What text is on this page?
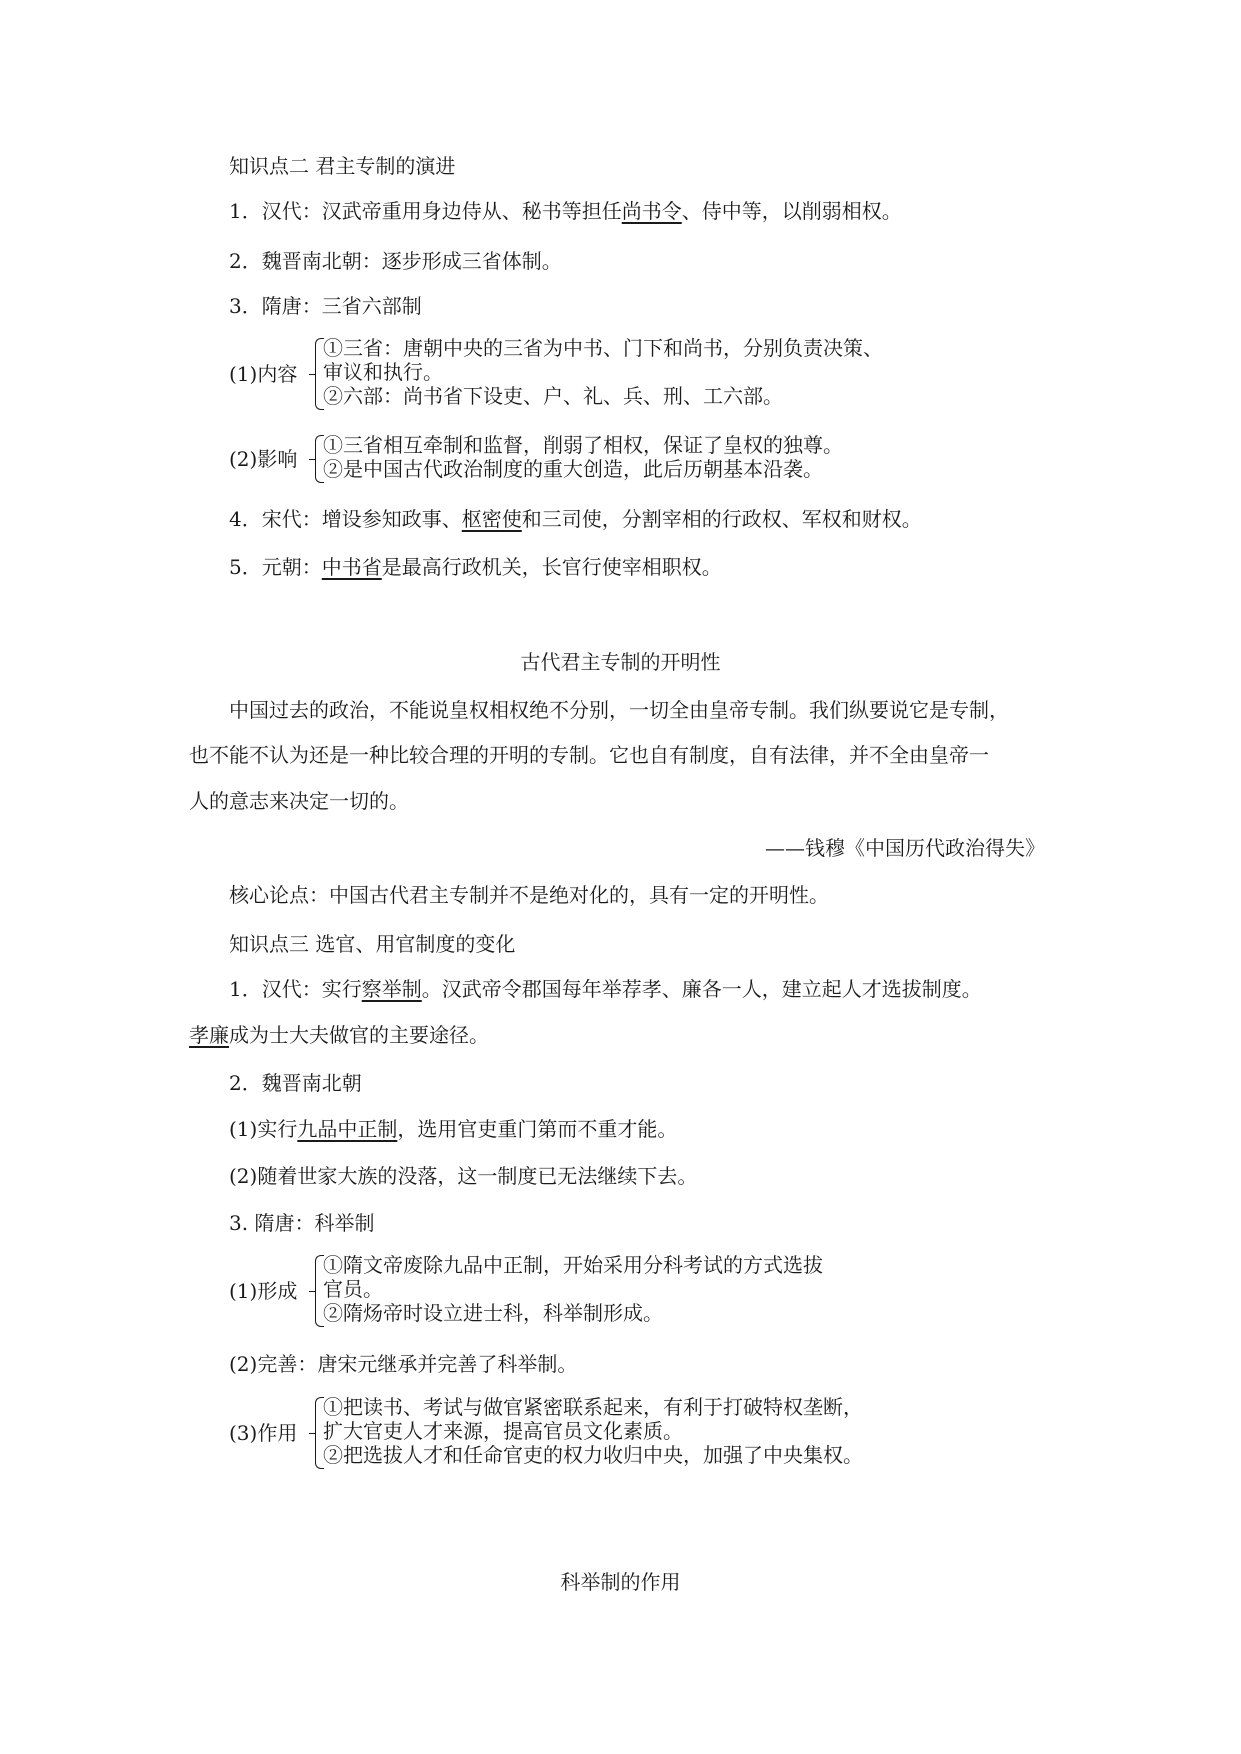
知识点二 君主专制的演进
1．汉代：汉武帝重用身边侍从、秘书等担任尚书令、侍中等，以削弱相权。
2．魏晋南北朝：逐步形成三省体制。
3．隋唐：三省六部制
(1)内容
①三省：唐朝中央的三省为中书、门下和尚书，分别负责决策、
审议和执行。
②六部：尚书省下设吏、户、礼、兵、刑、工六部。
(2)影响
①三省相互牵制和监督，削弱了相权，保证了皇权的独尊。
②是中国古代政治制度的重大创造，此后历朝基本沿袭。
4．宋代：增设参知政事、枢密使和三司使，分割宰相的行政权、军权和财权。
5．元朝：中书省是最高行政机关，长官行使宰相职权。
古代君主专制的开明性
中国过去的政治，不能说皇权相权绝不分别，一切全由皇帝专制。我们纵要说它是专制，
也不能不认为还是一种比较合理的开明的专制。它也自有制度，自有法律，并不全由皇帝一
人的意志来决定一切的。
——钱穆《中国历代政治得失》
核心论点：中国古代君主专制并不是绝对化的，具有一定的开明性。
知识点三 选官、用官制度的变化
1．汉代：实行察举制。汉武帝令郡国每年举荐孝、廉各一人，建立起人才选拔制度。
孝廉成为士大夫做官的主要途径。
2．魏晋南北朝
(1)实行九品中正制，选用官吏重门第而不重才能。
(2)随着世家大族的没落，这一制度已无法继续下去。
3. 隋唐：科举制
(1)形成
①隋文帝废除九品中正制，开始采用分科考试的方式选拔
官员。
②隋炀帝时设立进士科，科举制形成。
(2)完善：唐宋元继承并完善了科举制。
(3)作用
①把读书、考试与做官紧密联系起来，有利于打破特权垄断，
扩大官吏人才来源，提高官员文化素质。
②把选拔人才和任命官吏的权力收归中央，加强了中央集权。
科举制的作用
